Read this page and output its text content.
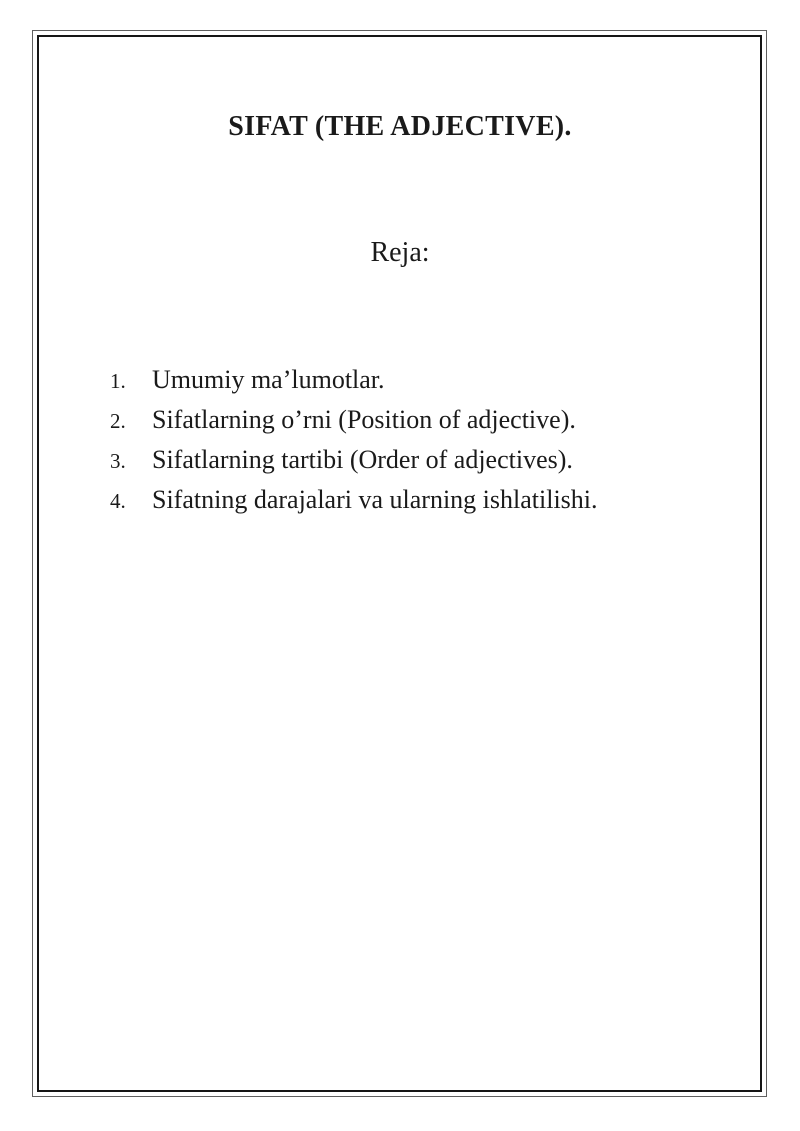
SIFAT (THE ADJECTIVE).
Reja:
1. Umumiy ma’lumotlar.
2. Sifatlarning o’rni (Position of adjective).
3. Sifatlarning tartibi (Order of adjectives).
4. Sifatning darajalari va ularning ishlatilishi.
